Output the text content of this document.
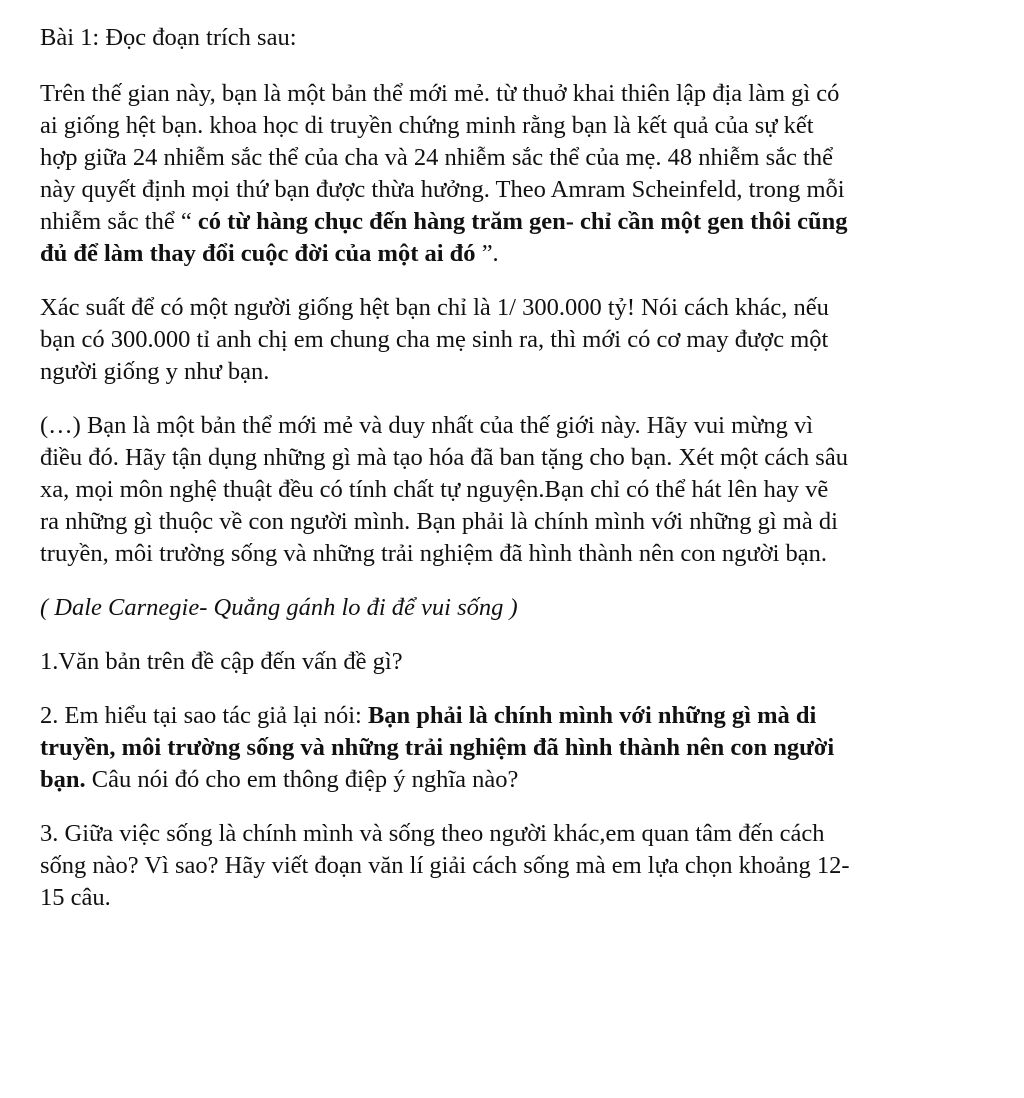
Bài 1: Đọc đoạn trích sau:

Trên thế gian này, bạn là một bản thể mới mẻ. từ thuở khai thiên lập địa làm gì có
ai giống hệt bạn. khoa học di truyền chứng minh rằng bạn là kết quả của sự kết
hợp giữa 24 nhiễm sắc thể của cha và 24 nhiễm sắc thể của mẹ. 48 nhiễm sắc thể
này quyết định mọi thứ bạn được thừa hưởng. Theo Amram Scheinfeld, trong mỗi
nhiễm sắc thể “ có từ hàng chục đến hàng trăm gen- chỉ cần một gen thôi cũng
đủ để làm thay đổi cuộc đời của một ai đó ”.

Xác suất để có một người giống hệt bạn chỉ là 1/ 300.000 tỷ! Nói cách khác, nếu
bạn có 300.000 tỉ anh chị em chung cha mẹ sinh ra, thì mới có cơ may được một
người giống y như bạn.

(…) Bạn là một bản thể mới mẻ và duy nhất của thế giới này. Hãy vui mừng vì
điều đó. Hãy tận dụng những gì mà tạo hóa đã ban tặng cho bạn. Xét một cách sâu
xa, mọi môn nghệ thuật đều có tính chất tự nguyện.Bạn chỉ có thể hát lên hay vẽ
ra những gì thuộc về con người mình. Bạn phải là chính mình với những gì mà di
truyền, môi trường sống và những trải nghiệm đã hình thành nên con người bạn.

( Dale Carnegie- Quẳng gánh lo đi để vui sống )

1.Văn bản trên đề cập đến vấn đề gì?

2. Em hiểu tại sao tác giả lại nói: Bạn phải là chính mình với những gì mà di
truyền, môi trường sống và những trải nghiệm đã hình thành nên con người
bạn. Câu nói đó cho em thông điệp ý nghĩa nào?

3. Giữa việc sống là chính mình và sống theo người khác,em quan tâm đến cách
sống nào? Vì sao? Hãy viết đoạn văn lí giải cách sống mà em lựa chọn khoảng 12-
15 câu.
